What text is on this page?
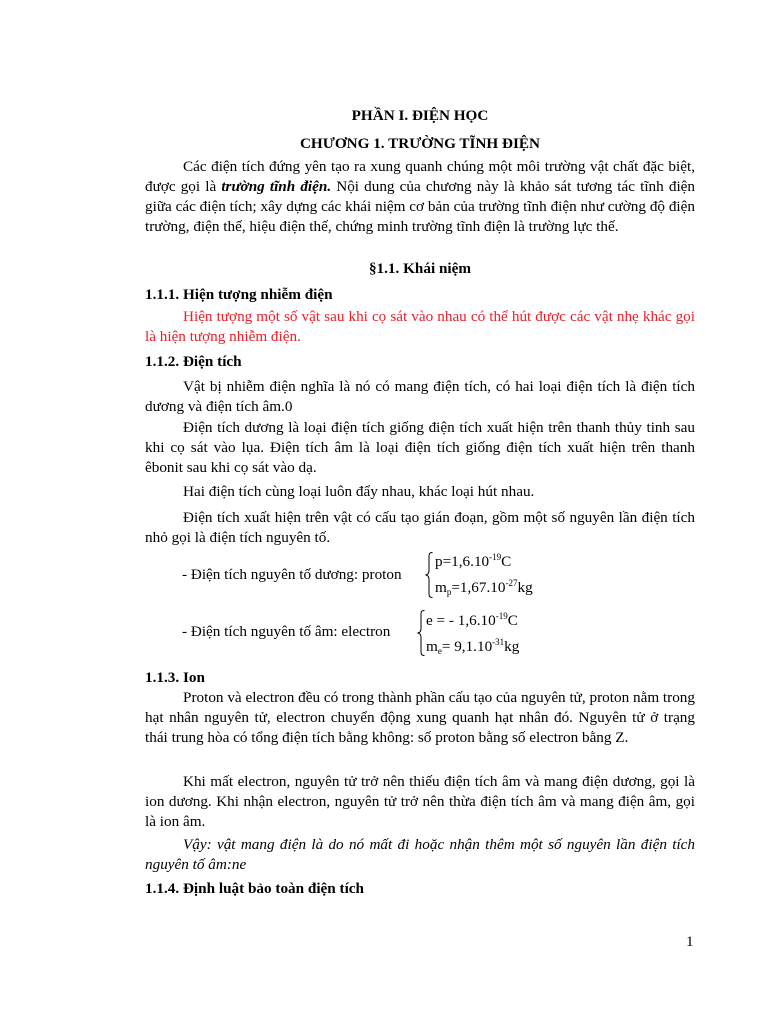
PHẦN I. ĐIỆN HỌC

CHƯƠNG 1. TRƯỜNG TĨNH ĐIỆN

Các điện tích đứng yên tạo ra xung quanh chúng một môi trường vật chất đặc biệt, được gọi là trường tĩnh điện. Nội dung của chương này là khảo sát tương tác tĩnh điện giữa các điện tích; xây dựng các khái niệm cơ bản của trường tĩnh điện như cường độ điện trường, điện thế, hiệu điện thế, chứng minh trường tĩnh điện là trường lực thế.

§1.1. Khái niệm

1.1.1. Hiện tượng nhiễm điện

Hiện tượng một số vật sau khi cọ sát vào nhau có thể hút được các vật nhẹ khác gọi là hiện tượng nhiễm điện.

1.1.2. Điện tích

Vật bị nhiễm điện nghĩa là nó có mang điện tích, có hai loại điện tích là điện tích dương và điện tích âm.0

Điện tích dương là loại điện tích giống điện tích xuất hiện trên thanh thủy tinh sau khi cọ sát vào lụa. Điện tích âm là loại điện tích giống điện tích xuất hiện trên thanh êbonit sau khi cọ sát vào dạ.

Hai điện tích cùng loại luôn đẩy nhau, khác loại hút nhau.

Điện tích xuất hiện trên vật có cấu tạo gián đoạn, gồm một số nguyên lần điện tích nhỏ gọi là điện tích nguyên tố.

- Điện tích nguyên tố dương: proton
$p=1,6.10^{-19}C$
$m_p=1,67.10^{-27}kg$
- Điện tích nguyên tố âm: electron
e = - $1,6.10^{-19}C$
$m_e= 9,1.10^{-31}kg$

1.1.3. Ion

Proton và electron đều có trong thành phần cấu tạo của nguyên tử, proton nằm trong hạt nhân nguyên tử, electron chuyển động xung quanh hạt nhân đó. Nguyên tử ở trạng thái trung hòa có tổng điện tích bằng không: số proton bằng số electron bằng Z.

Khi mất electron, nguyên tử trở nên thiếu điện tích âm và mang điện dương, gọi là ion dương. Khi nhận electron, nguyên tử trở nên thừa điện tích âm và mang điện âm, gọi là ion âm.

Vậy: vật mang điện là do nó mất đi hoặc nhận thêm một số nguyên lần điện tích nguyên tố âm:ne

1.1.4. Định luật bảo toàn điện tích

1
